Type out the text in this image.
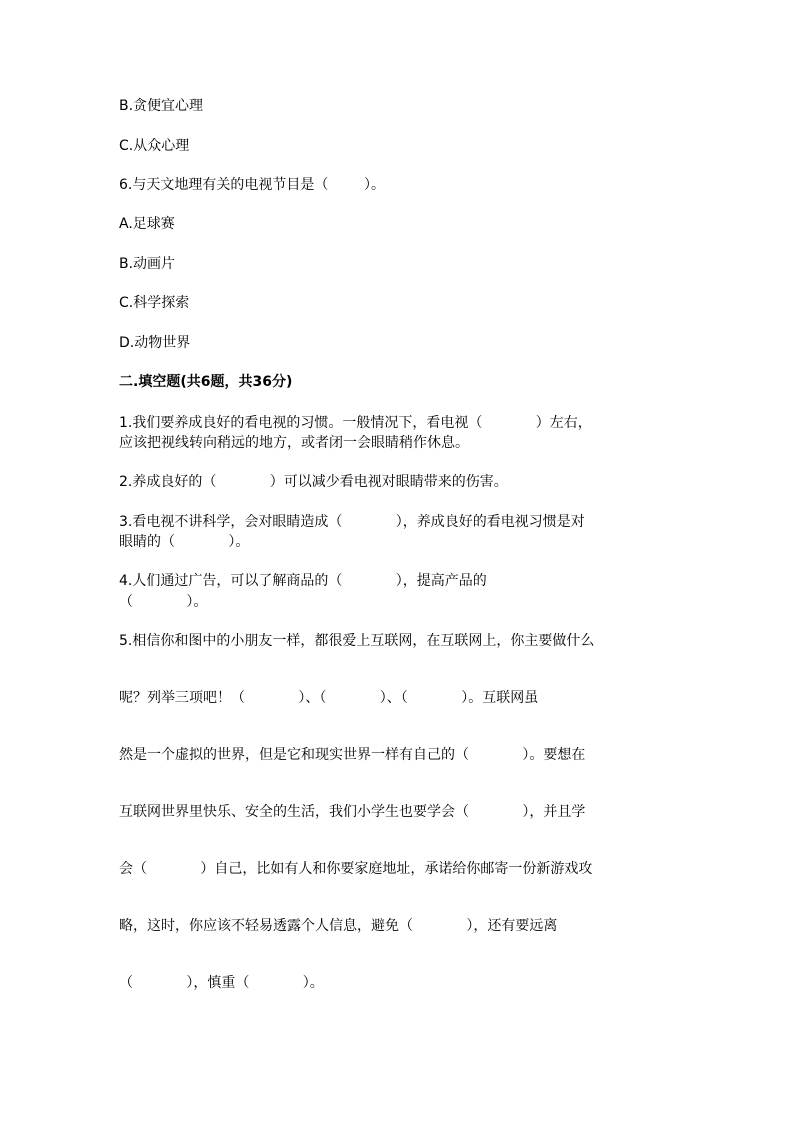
B.贪便宜心理
C.从众心理
6.与天文地理有关的电视节目是（        ）。
A.足球赛
B.动画片
C.科学探索
D.动物世界
二.填空题(共6题，共36分)
1.我们要养成良好的看电视的习惯。一般情况下，看电视（            ）左右，
应该把视线转向稍远的地方，或者闭一会眼睛稍作休息。
2.养成良好的（            ）可以减少看电视对眼睛带来的伤害。
3.看电视不讲科学，会对眼睛造成（            ），养成良好的看电视习惯是对
眼睛的（            ）。
4.人们通过广告，可以了解商品的（            ），提高产品的
（            ）。
5.相信你和图中的小朋友一样，都很爱上互联网，在互联网上，你主要做什么
呢？列举三项吧！（            ）、（            ）、（            ）。互联网虽
然是一个虚拟的世界，但是它和现实世界一样有自己的（            ）。要想在
互联网世界里快乐、安全的生活，我们小学生也要学会（            ），并且学
会（            ）自己，比如有人和你要家庭地址，承诺给你邮寄一份新游戏攻
略，这时，你应该不轻易透露个人信息，避免（            ），还有要远离
（            ），慎重（            ）。
